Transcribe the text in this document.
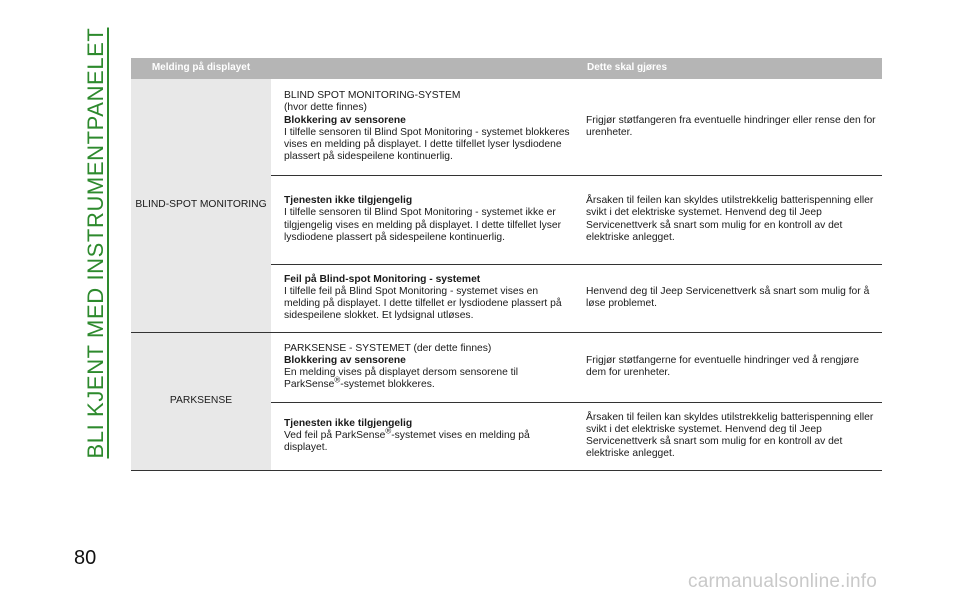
BLI KJENT MED INSTRUMENTPANELET	Melding på displayet		Dette skal gjøres
BLIND-SPOT MONITORING	BLIND SPOT MONITORING-SYSTEM
(hvor dette finnes)
Blokkering av sensorene
I tilfelle sensoren til Blind Spot Monitoring - systemet blokkeres vises en melding på displayet. I dette tilfellet lyser lysdiodene plassert på sidespeilene kontinuerlig.	Frigjør støtfangeren fra eventuelle hindringer eller rense den for urenheter.

	Tjenesten ikke tilgjengelig
I tilfelle sensoren til Blind Spot Monitoring - systemet ikke er tilgjengelig vises en melding på displayet. I dette tilfellet lyser lysdiodene plassert på sidespeilene kontinuerlig.	Årsaken til feilen kan skyldes utilstrekkelig batterispenning eller svikt i det elektriske systemet. Henvend deg til Jeep Servicenettverk så snart som mulig for en kontroll av det elektriske anlegget.

	Feil på Blind-spot Monitoring - systemet
I tilfelle feil på Blind Spot Monitoring - systemet vises en melding på displayet. I dette tilfellet er lysdiodene plassert på sidespeilene slokket. Et lydsignal utløses.	Henvend deg til Jeep Servicenettverk så snart som mulig for å løse problemet.
PARKSENSE	PARKSENSE - SYSTEMET (der dette finnes)
Blokkering av sensorene
En melding vises på displayet dersom sensorene til ParkSense®-systemet blokkeres.	Frigjør støtfangerne for eventuelle hindringer ved å rengjøre dem for urenheter.

	Tjenesten ikke tilgjengelig
Ved feil på ParkSense®-systemet vises en melding på displayet.	Årsaken til feilen kan skyldes utilstrekkelig batterispenning eller svikt i det elektriske systemet. Henvend deg til Jeep Servicenettverk så snart som mulig for en kontroll av det elektriske anlegget.
80
carmanualsonline.info
